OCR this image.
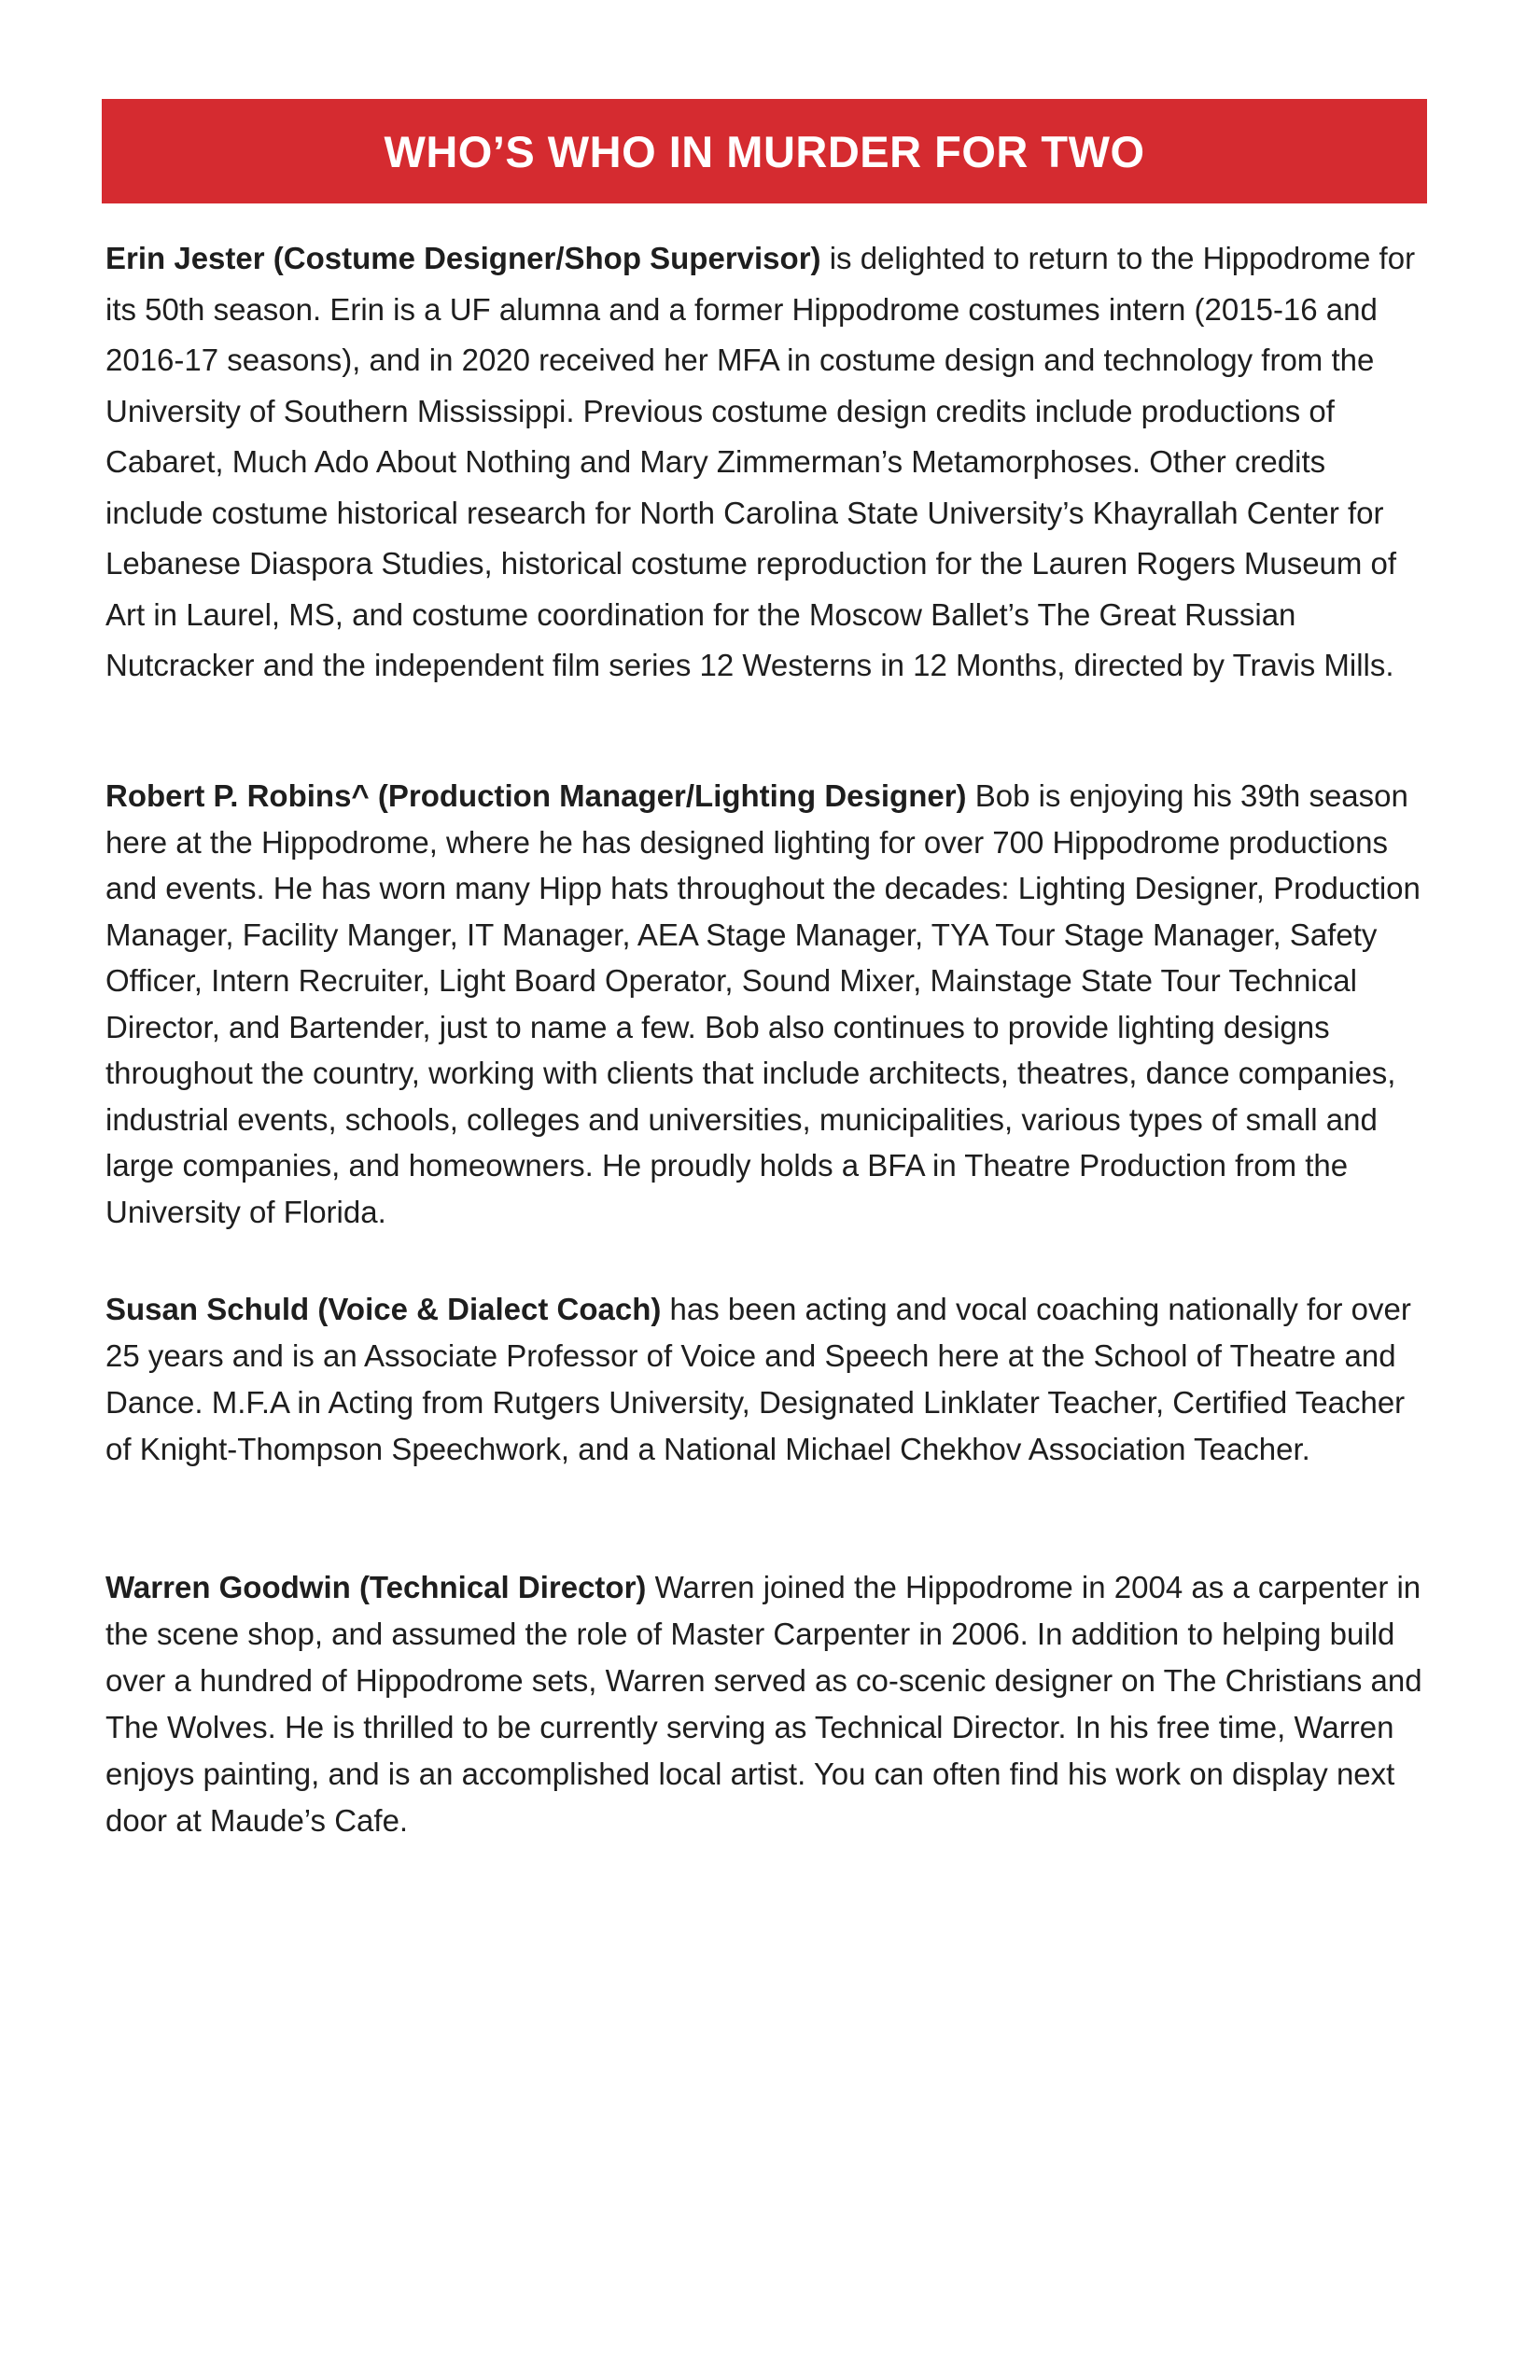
WHO’S WHO IN MURDER FOR TWO

Erin Jester (Costume Designer/Shop Supervisor) is delighted to return to the Hippodrome for its 50th season. Erin is a UF alumna and a former Hippodrome costumes intern (2015-16 and 2016-17 seasons), and in 2020 received her MFA in costume design and technology from the University of Southern Mississippi. Previous costume design credits include productions of Cabaret, Much Ado About Nothing and Mary Zimmerman’s Metamorphoses. Other credits include costume historical research for North Carolina State University’s Khayrallah Center for Lebanese Diaspora Studies, historical costume reproduction for the Lauren Rogers Museum of Art in Laurel, MS, and costume coordination for the Moscow Ballet’s The Great Russian Nutcracker and the independent film series 12 Westerns in 12 Months, directed by Travis Mills.

Robert P. Robins^ (Production Manager/Lighting Designer) Bob is enjoying his 39th season here at the Hippodrome, where he has designed lighting for over 700 Hippodrome productions and events. He has worn many Hipp hats throughout the decades: Lighting Designer, Production Manager, Facility Manger, IT Manager, AEA Stage Manager, TYA Tour Stage Manager, Safety Officer, Intern Recruiter, Light Board Operator, Sound Mixer, Mainstage State Tour Technical Director, and Bartender, just to name a few. Bob also continues to provide lighting designs throughout the country, working with clients that include architects, theatres, dance companies, industrial events, schools, colleges and universities, municipalities, various types of small and large companies, and homeowners. He proudly holds a BFA in Theatre Production from the University of Florida.

Susan Schuld (Voice & Dialect Coach) has been acting and vocal coaching nationally for over 25 years and is an Associate Professor of Voice and Speech here at the School of Theatre and Dance. M.F.A in Acting from Rutgers University, Designated Linklater Teacher, Certified Teacher of Knight-Thompson Speechwork, and a National Michael Chekhov Association Teacher.

Warren Goodwin (Technical Director) Warren joined the Hippodrome in 2004 as a carpenter in the scene shop, and assumed the role of Master Carpenter in 2006. In addition to helping build over a hundred of Hippodrome sets, Warren served as co-scenic designer on The Christians and The Wolves. He is thrilled to be currently serving as Technical Director. In his free time, Warren enjoys painting, and is an accomplished local artist. You can often find his work on display next door at Maude’s Cafe.
